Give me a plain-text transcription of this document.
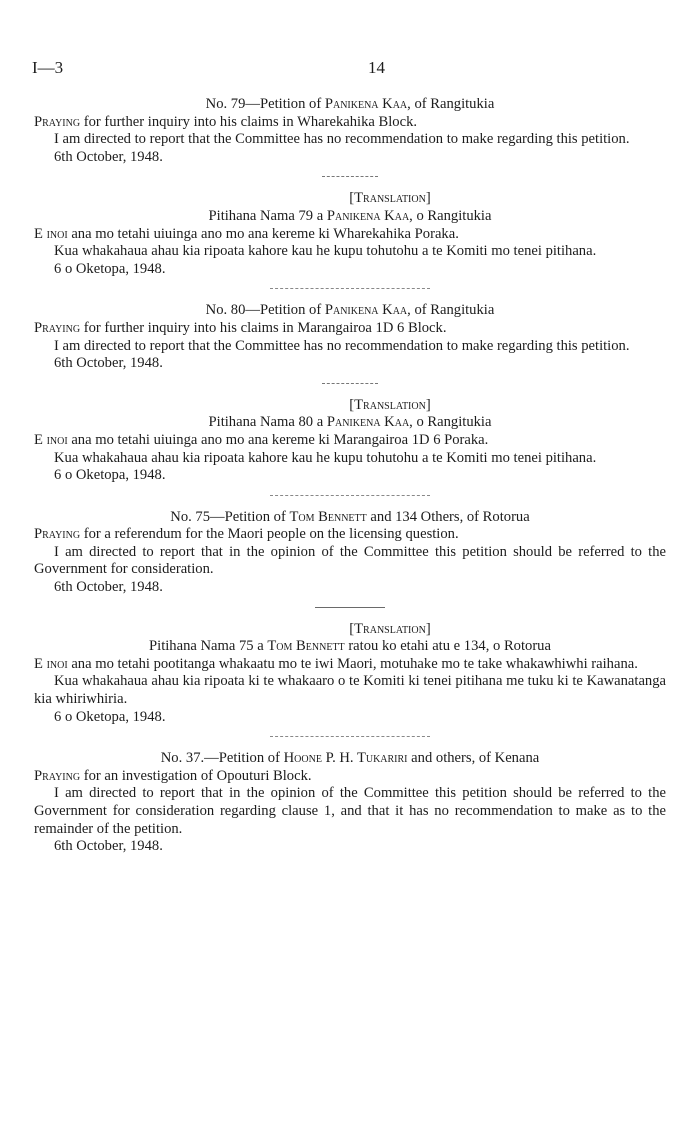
I—3	14

No. 79—Petition of Panikena Kaa, of Rangitukia

Praying for further inquiry into his claims in Wharekahika Block.

I am directed to report that the Committee has no recommendation to make regarding this petition.

6th October, 1948.

[Translation]

Pitihana Nama 79 a Panikena Kaa, o Rangitukia

E inoi ana mo tetahi uiuinga ano mo ana kereme ki Wharekahika Poraka.

Kua whakahaua ahau kia ripoata kahore kau he kupu tohutohu a te Komiti mo tenei pitihana.

6 o Oketopa, 1948.

No. 80—Petition of Panikena Kaa, of Rangitukia

Praying for further inquiry into his claims in Marangairoa 1D 6 Block.

I am directed to report that the Committee has no recommendation to make regarding this petition.

6th October, 1948.

[Translation]

Pitihana Nama 80 a Panikena Kaa, o Rangitukia

E inoi ana mo tetahi uiuinga ano mo ana kereme ki Marangairoa 1D 6 Poraka.

Kua whakahaua ahau kia ripoata kahore kau he kupu tohutohu a te Komiti mo tenei pitihana.

6 o Oketopa, 1948.

No. 75—Petition of Tom Bennett and 134 Others, of Rotorua

Praying for a referendum for the Maori people on the licensing question.

I am directed to report that in the opinion of the Committee this petition should be referred to the Government for consideration.

6th October, 1948.

[Translation]

Pitihana Nama 75 a Tom Bennett ratou ko etahi atu e 134, o Rotorua

E inoi ana mo tetahi pootitanga whakaatu mo te iwi Maori, motuhake mo te take whakawhiwhi raihana.

Kua whakahaua ahau kia ripoata ki te whakaaro o te Komiti ki tenei pitihana me tuku ki te Kawanatanga kia whiriwhiria.

6 o Oketopa, 1948.

No. 37.—Petition of Hoone P. H. Tukariri and others, of Kenana

Praying for an investigation of Opouturi Block.

I am directed to report that in the opinion of the Committee this petition should be referred to the Government for consideration regarding clause 1, and that it has no recommendation to make as to the remainder of the petition.

6th October, 1948.
